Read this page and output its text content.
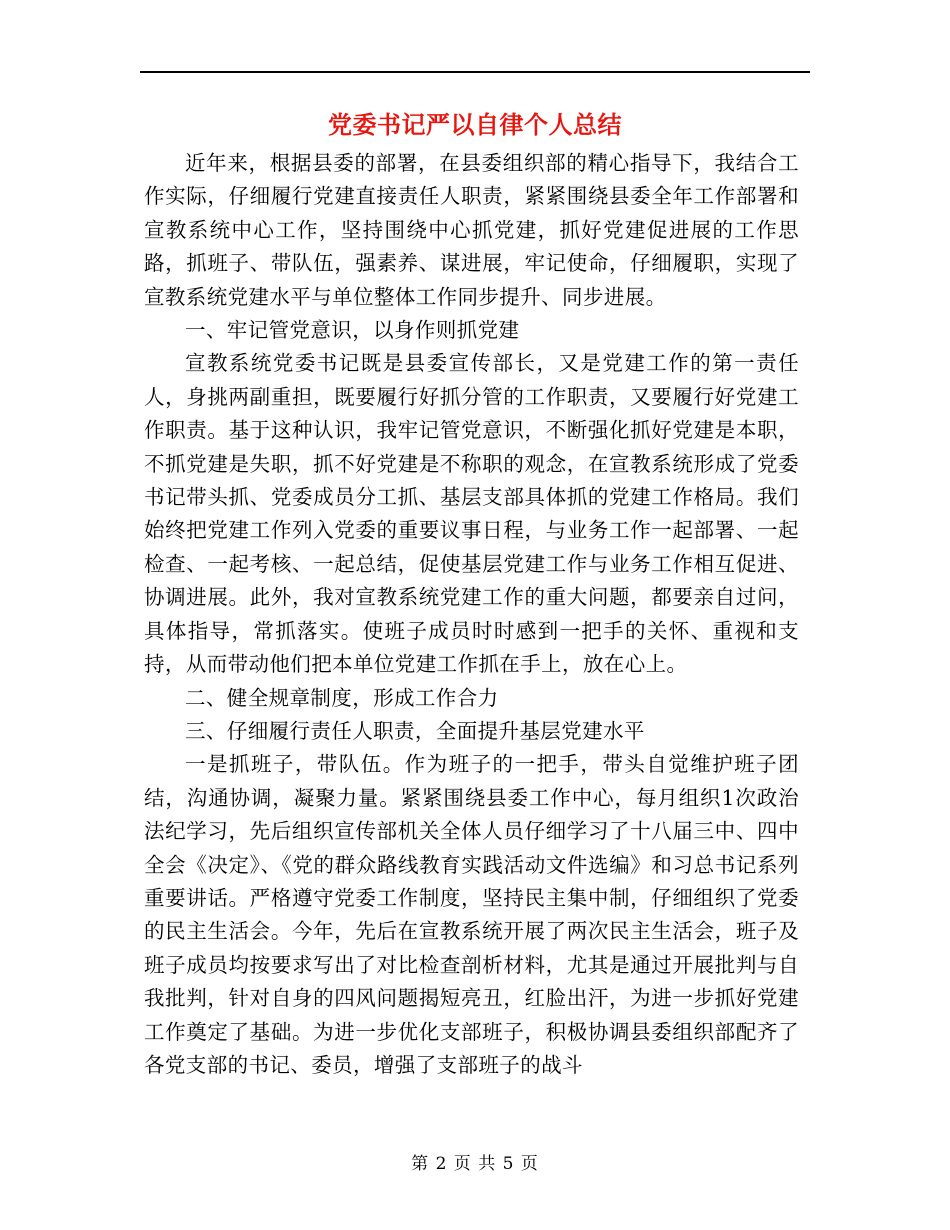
党委书记严以自律个人总结

近年来，根据县委的部署，在县委组织部的精心指导下，我结合工作实际，仔细履行党建直接责任人职责，紧紧围绕县委全年工作部署和宣教系统中心工作，坚持围绕中心抓党建，抓好党建促进展的工作思路，抓班子、带队伍，强素养、谋进展，牢记使命，仔细履职，实现了宣教系统党建水平与单位整体工作同步提升、同步进展。

一、牢记管党意识，以身作则抓党建

宣教系统党委书记既是县委宣传部长，又是党建工作的第一责任人，身挑两副重担，既要履行好抓分管的工作职责，又要履行好党建工作职责。基于这种认识，我牢记管党意识，不断强化抓好党建是本职，不抓党建是失职，抓不好党建是不称职的观念，在宣教系统形成了党委书记带头抓、党委成员分工抓、基层支部具体抓的党建工作格局。我们始终把党建工作列入党委的重要议事日程，与业务工作一起部署、一起检查、一起考核、一起总结，促使基层党建工作与业务工作相互促进、协调进展。此外，我对宣教系统党建工作的重大问题，都要亲自过问，具体指导，常抓落实。使班子成员时时感到一把手的关怀、重视和支持，从而带动他们把本单位党建工作抓在手上，放在心上。

二、健全规章制度，形成工作合力

三、仔细履行责任人职责，全面提升基层党建水平

一是抓班子，带队伍。作为班子的一把手，带头自觉维护班子团结，沟通协调，凝聚力量。紧紧围绕县委工作中心，每月组织1次政治法纪学习，先后组织宣传部机关全体人员仔细学习了十八届三中、四中全会《决定》、《党的群众路线教育实践活动文件选编》和习总书记系列重要讲话。严格遵守党委工作制度，坚持民主集中制，仔细组织了党委的民主生活会。今年，先后在宣教系统开展了两次民主生活会，班子及班子成员均按要求写出了对比检查剖析材料，尤其是通过开展批判与自我批判，针对自身的四风问题揭短亮丑，红脸出汗，为进一步抓好党建工作奠定了基础。为进一步优化支部班子，积极协调县委组织部配齐了各党支部的书记、委员，增强了支部班子的战斗

第 2 页 共 5 页
